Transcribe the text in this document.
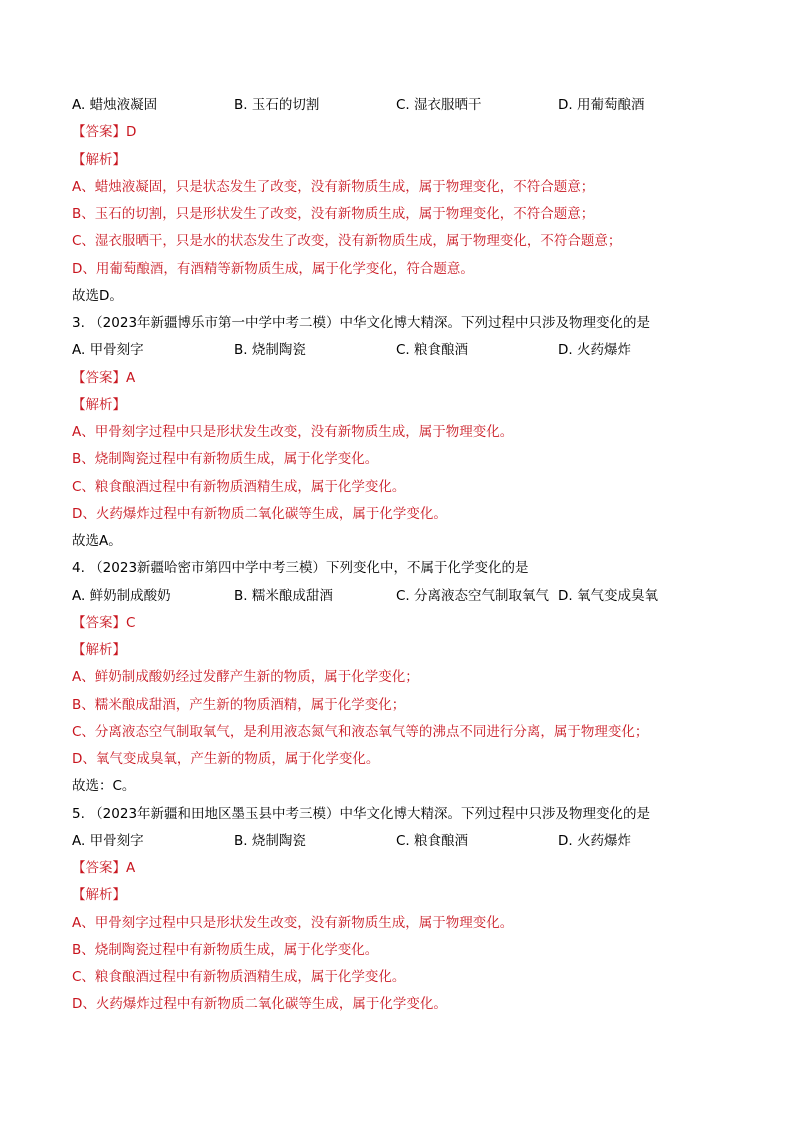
A. 蜡烛液凝固	B. 玉石的切割	C. 湿衣服晒干	D. 用葡萄酿酒
【答案】D
【解析】
A、蜡烛液凝固，只是状态发生了改变，没有新物质生成，属于物理变化，不符合题意；
B、玉石的切割，只是形状发生了改变，没有新物质生成，属于物理变化，不符合题意；
C、湿衣服晒干，只是水的状态发生了改变，没有新物质生成，属于物理变化，不符合题意；
D、用葡萄酿酒，有酒精等新物质生成，属于化学变化，符合题意。
故选D。
3. （2023年新疆博乐市第一中学中考二模）中华文化博大精深。下列过程中只涉及物理变化的是
A. 甲骨刻字	B. 烧制陶瓷	C. 粮食酿酒	D. 火药爆炸
【答案】A
【解析】
A、甲骨刻字过程中只是形状发生改变，没有新物质生成，属于物理变化。
B、烧制陶瓷过程中有新物质生成，属于化学变化。
C、粮食酿酒过程中有新物质酒精生成，属于化学变化。
D、火药爆炸过程中有新物质二氧化碳等生成，属于化学变化。
故选A。
4. （2023新疆哈密市第四中学中考三模）下列变化中，不属于化学变化的是
A. 鲜奶制成酸奶	B. 糯米酿成甜酒	C. 分离液态空气制取氧气 D. 氧气变成臭氧
【答案】C
【解析】
A、鲜奶制成酸奶经过发酵产生新的物质，属于化学变化；
B、糯米酿成甜酒，产生新的物质酒精，属于化学变化；
C、分离液态空气制取氧气，是利用液态氮气和液态氧气等的沸点不同进行分离，属于物理变化；
D、氧气变成臭氧，产生新的物质，属于化学变化。
故选：C。
5. （2023年新疆和田地区墨玉县中考三模）中华文化博大精深。下列过程中只涉及物理变化的是
A. 甲骨刻字	B. 烧制陶瓷	C. 粮食酿酒	D. 火药爆炸
【答案】A
【解析】
A、甲骨刻字过程中只是形状发生改变，没有新物质生成，属于物理变化。
B、烧制陶瓷过程中有新物质生成，属于化学变化。
C、粮食酿酒过程中有新物质酒精生成，属于化学变化。
D、火药爆炸过程中有新物质二氧化碳等生成，属于化学变化。
